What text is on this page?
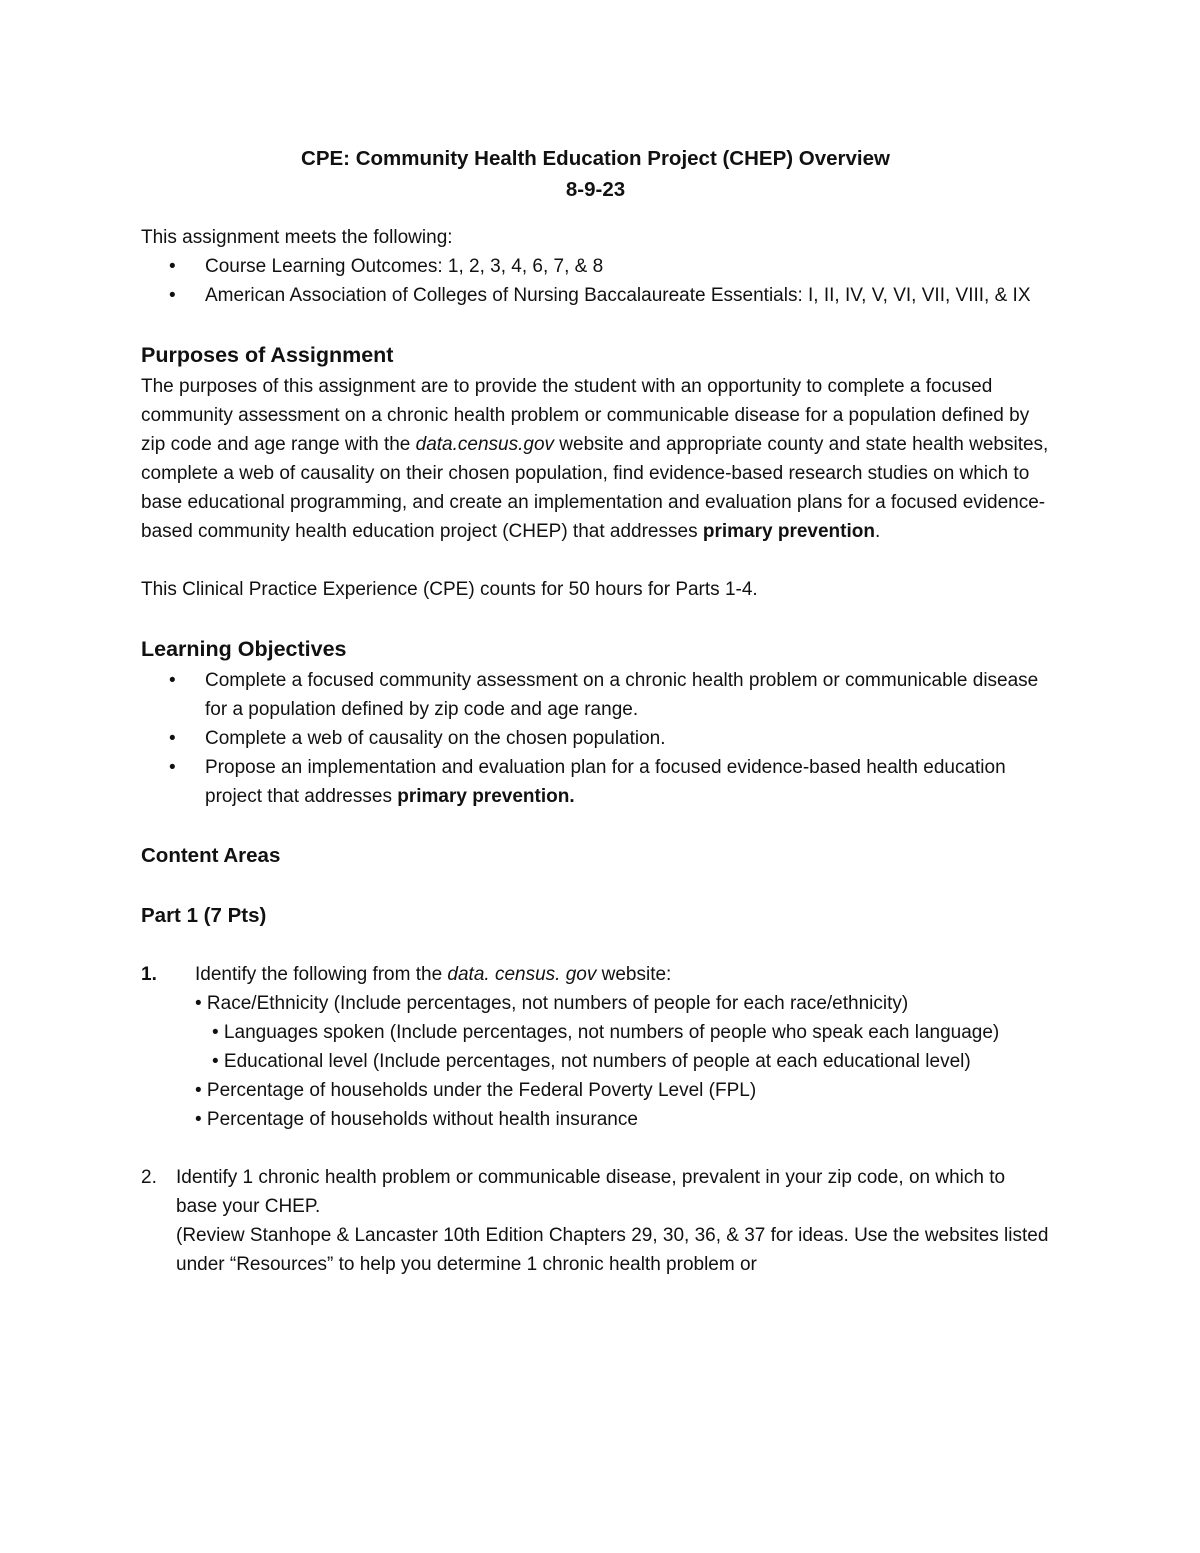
CPE: Community Health Education Project (CHEP) Overview

8-9-23

This assignment meets the following:

• Course Learning Outcomes: 1, 2, 3, 4, 6, 7, & 8
• American Association of Colleges of Nursing Baccalaureate Essentials: I, II, IV, V, VI, VII, VIII, & IX
Purposes of Assignment

The purposes of this assignment are to provide the student with an opportunity to complete a focused community assessment on a chronic health problem or communicable disease for a population defined by zip code and age range with the data.census.gov website and appropriate county and state health websites, complete a web of causality on their chosen population, find evidence-based research studies on which to base educational programming, and create an implementation and evaluation plans for a focused evidence-based community health education project (CHEP) that addresses primary prevention.

This Clinical Practice Experience (CPE) counts for 50 hours for Parts 1-4.

Learning Objectives
• Complete a focused community assessment on a chronic health problem or communicable disease for a population defined by zip code and age range.
• Complete a web of causality on the chosen population.
• Propose an implementation and evaluation plan for a focused evidence-based health education project that addresses primary prevention.
Content Areas
Part 1 (7 Pts)
1. Identify the following from the data. census. gov website:

• Race/Ethnicity (Include percentages, not numbers of people for each race/ethnicity)
• Languages spoken (Include percentages, not numbers of people who speak each language)
• Educational level (Include percentages, not numbers of people at each educational level)
• Percentage of households under the Federal Poverty Level (FPL)
• Percentage of households without health insurance
2. Identify 1 chronic health problem or communicable disease, prevalent in your zip code, on which to base your CHEP.

(Review Stanhope & Lancaster 10th Edition Chapters 29, 30, 36, & 37 for ideas. Use the websites listed under “Resources” to help you determine 1 chronic health problem or
